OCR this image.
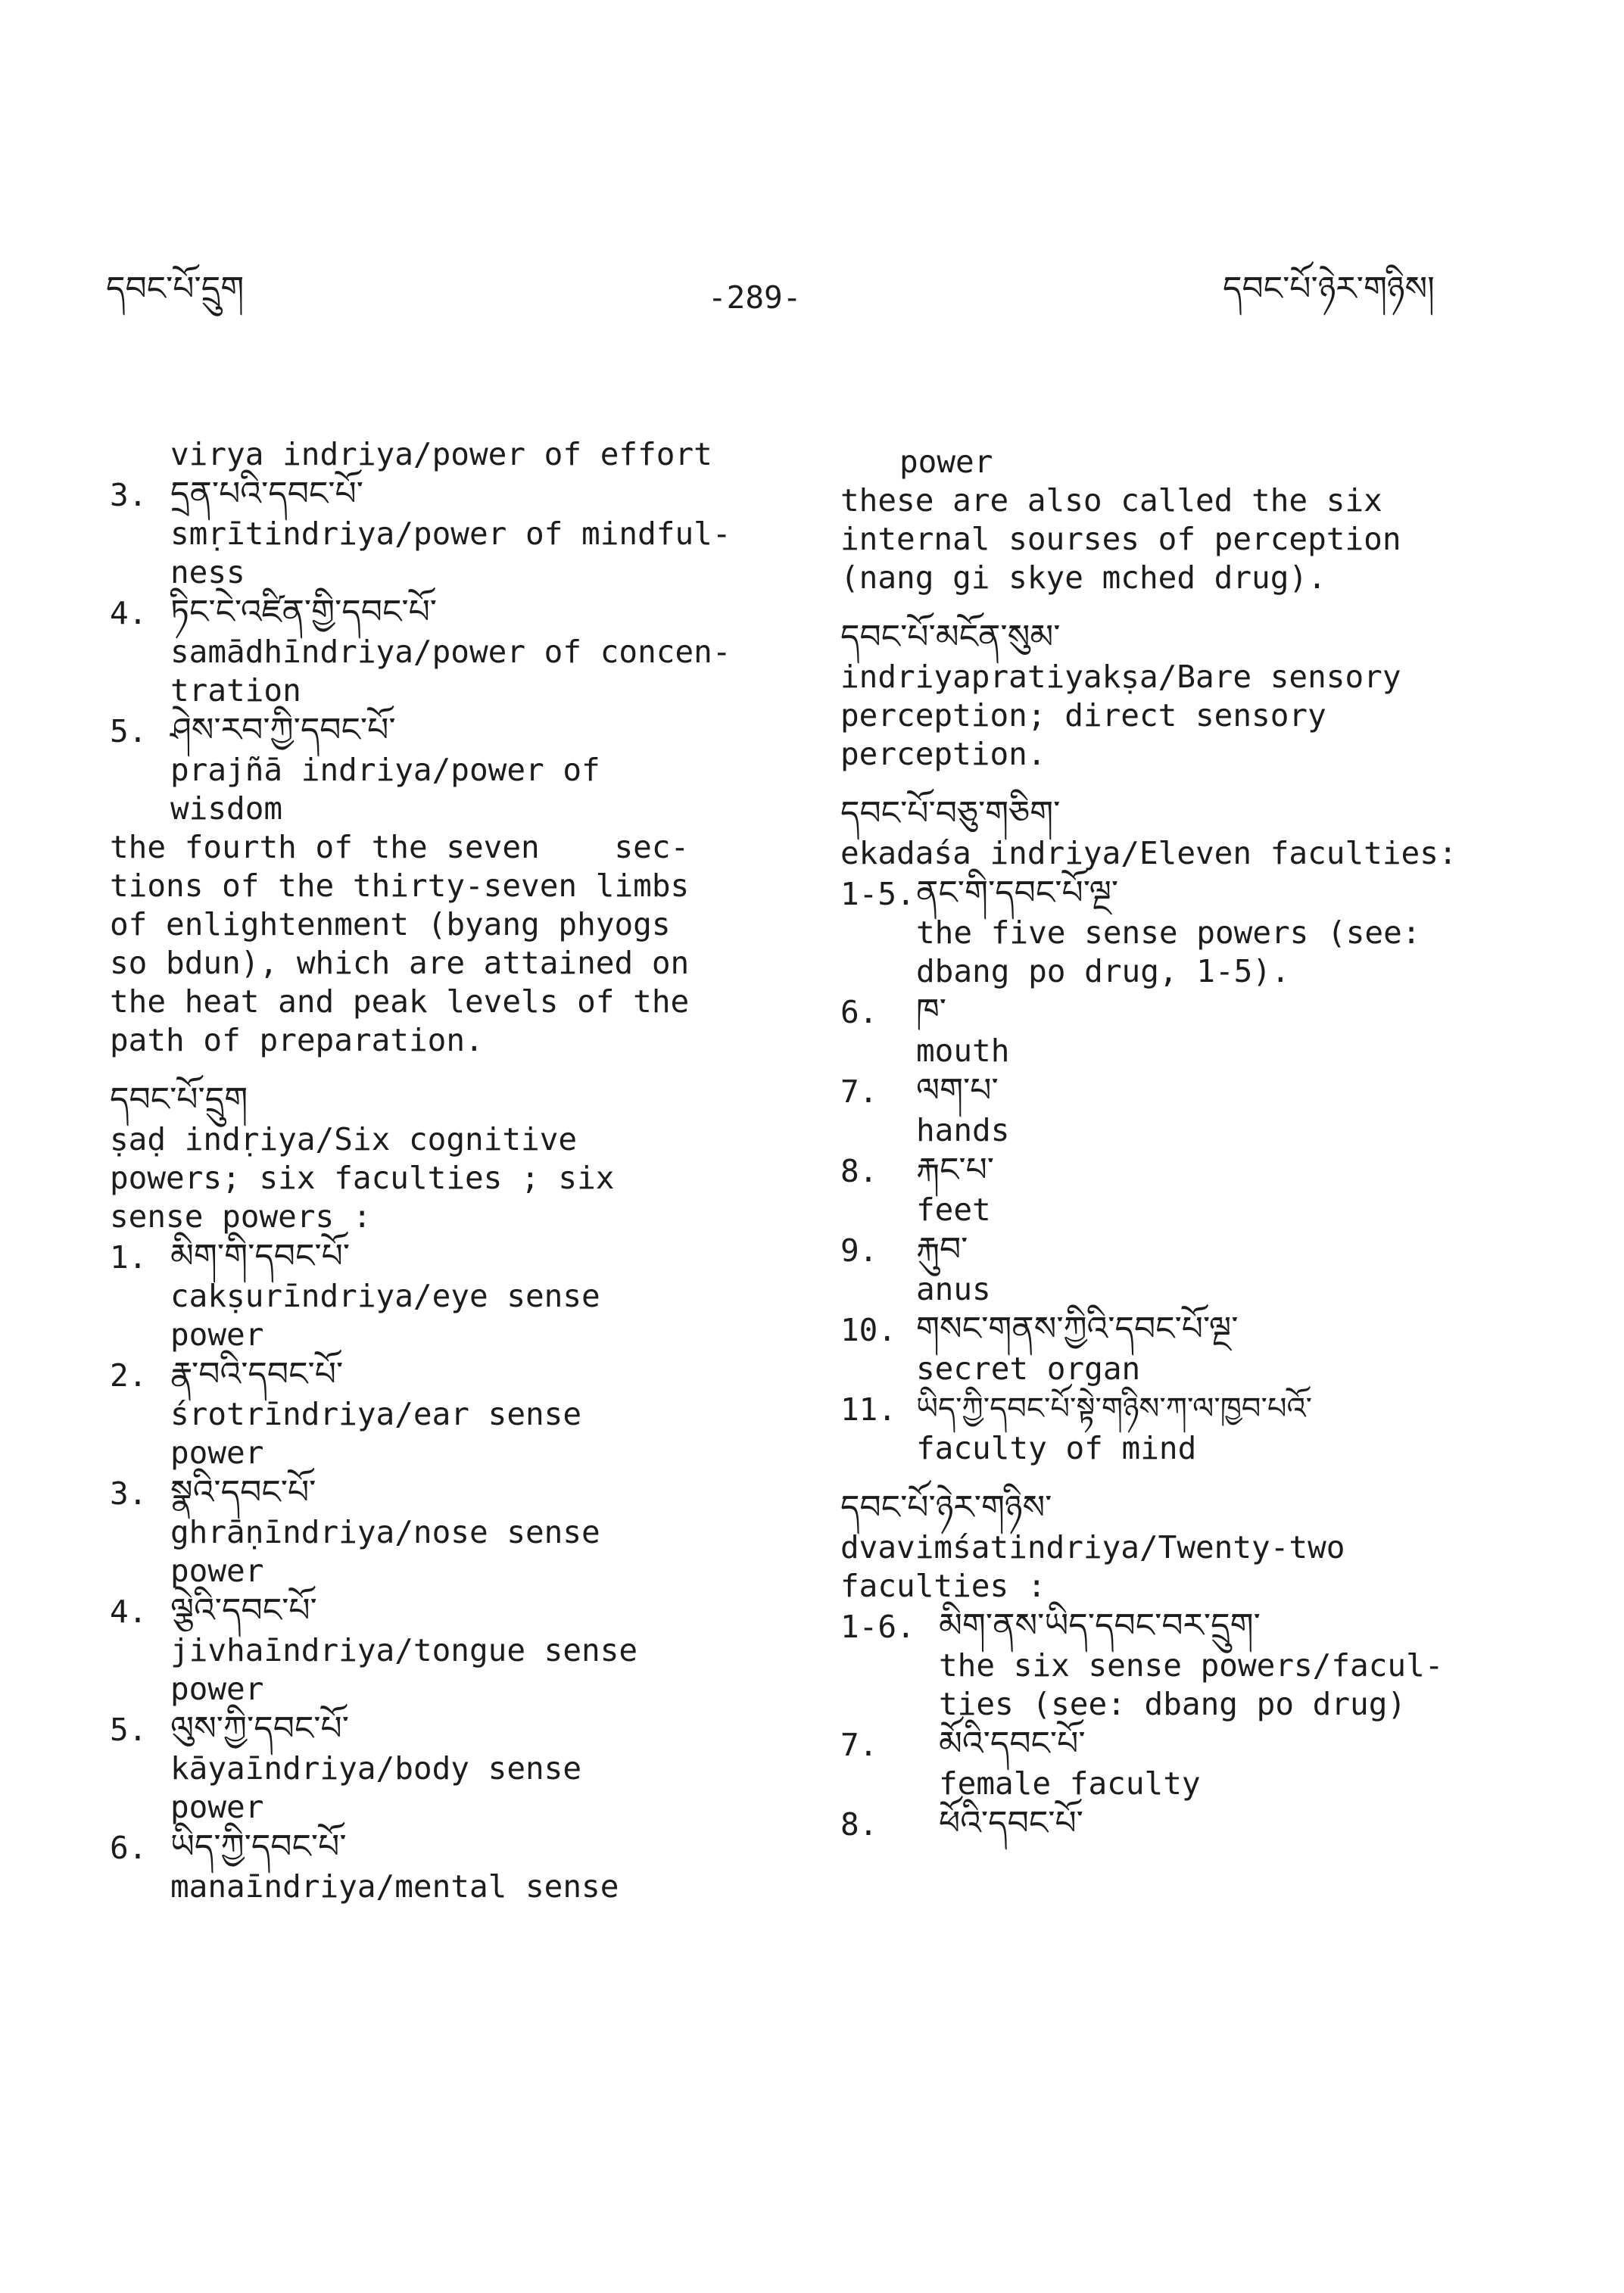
དབང་པོ་དྲུག	-289-	དབང་པོ་ཉེར་གཉིས།
virya indriya/power of effort
3. དྲན་པའི་དབང་པོ་
smṛītindriya/power of mindful-
ness
4. ཏིང་ངེ་འཛིན་གྱི་དབང་པོ་
samādhīndriya/power of concen-
tration
5. ཤེས་རབ་ཀྱི་དབང་པོ་
prajñā indriya/power of
wisdom
the fourth of the seven    sec-
tions of the thirty-seven limbs
of enlightenment (byang phyogs
so bdun), which are attained on
the heat and peak levels of the
path of preparation.
དབང་པོ་དྲུག
ṣaḍ indṛiya/Six cognitive
powers; six faculties ; six
sense powers :
1. མིག་གི་དབང་པོ་
cakṣurīndriya/eye sense
power
2. རྣ་བའི་དབང་པོ་
śrotrīndriya/ear sense
power
3. སྣའི་དབང་པོ་
ghrāṇīndriya/nose sense
power
4. ལྕེའི་དབང་པོ་
jivhaīndriya/tongue sense
power
5. ལུས་ཀྱི་དབང་པོ་
kāyaīndriya/body sense
power
6. ཡིད་ཀྱི་དབང་པོ་
manaīndriya/mental sense
power
these are also called the six
internal sourses of perception
(nang gi skye mched drug).
དབང་པོ་མངོན་སུམ་
indriyapratiyakṣa/Bare sensory
perception; direct sensory
perception.
དབང་པོ་བཅུ་གཅིག་
ekadaśa indriya/Eleven faculties:
1-5. ནང་གི་དབང་པོ་ལྔ་
the five sense powers (see:
dbang po drug, 1-5).
6.	ཁ་
mouth
7.	ལག་པ་
hands
8.	རྐང་པ་
feet
9.	རྐུབ་
anus
10. གསང་གནས་ཀྱིའི་དབང་པོ་ལྔ་
secret organ
11. ཡིད་ཀྱི་དབང་པོ་སྟེ་གཉིས་ཀ་ལ་ཁྱབ་པའོ་
faculty of mind
དབང་པོ་ཉེར་གཉིས་
dvavimśatindriya/Twenty-two
faculties :
1-6. མིག་ནས་ཡིད་དབང་བར་དྲུག་
the six sense powers/facul-
ties (see: dbang po drug)
7.	མོའི་དབང་པོ་
female faculty
8.	ཕོའི་དབང་པོ་
